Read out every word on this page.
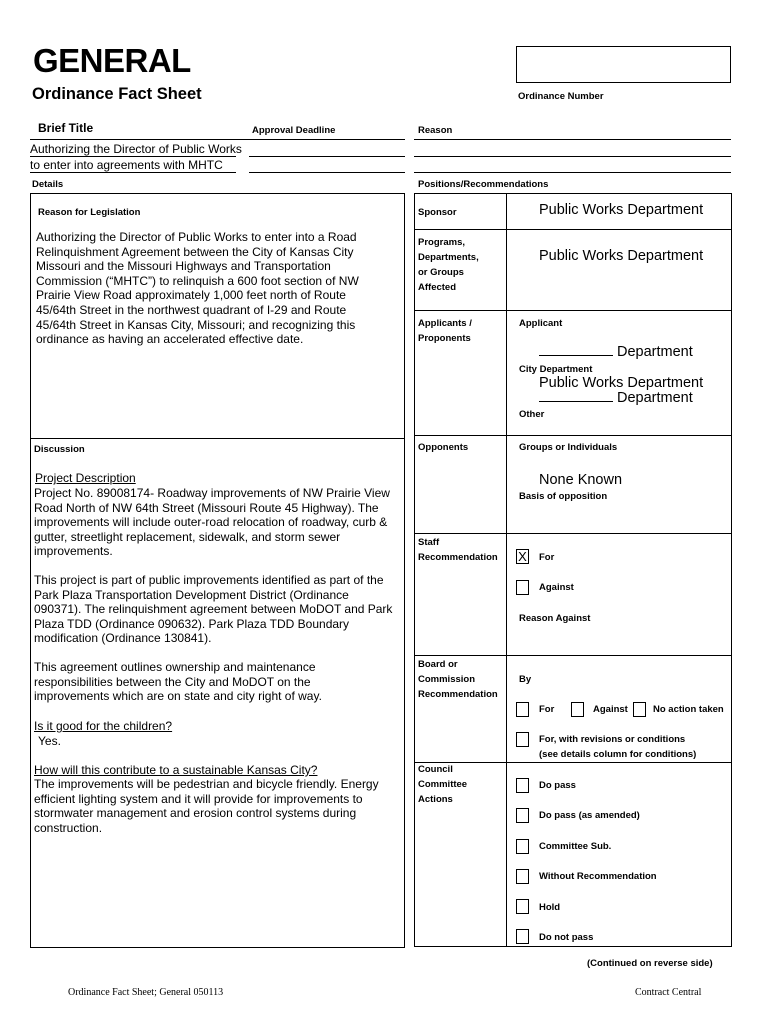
GENERAL
Ordinance Fact Sheet	Ordinance Number
Brief Title	Approval Deadline	Reason
Authorizing the Director of Public Works
to enter into agreements with MHTC
Details	Positions/Recommendations
Reason for Legislation
Authorizing the Director of Public Works to enter into a Road Relinquishment Agreement between the City of Kansas City Missouri and the Missouri Highways and Transportation Commission (“MHTC”) to relinquish a 600 foot section of NW Prairie View Road approximately 1,000 feet north of Route 45/64th Street in the northwest quadrant of I-29 and Route 45/64th Street in Kansas City, Missouri; and recognizing this ordinance as having an accelerated effective date.
Discussion
Project Description
Project No. 89008174- Roadway improvements of NW Prairie View Road North of NW 64th Street (Missouri Route 45 Highway). The improvements will include outer-road relocation of roadway, curb & gutter, streetlight replacement, sidewalk, and storm sewer improvements.
This project is part of public improvements identified as part of the Park Plaza Transportation Development District (Ordinance 090371). The relinquishment agreement between MoDOT and Park Plaza TDD (Ordinance 090632). Park Plaza TDD Boundary modification (Ordinance 130841).
This agreement outlines ownership and maintenance responsibilities between the City and MoDOT on the improvements which are on state and city right of way.
Is it good for the children?
Yes.
How will this contribute to a sustainable Kansas City?
The improvements will be pedestrian and bicycle friendly. Energy efficient lighting system and it will provide for improvements to stormwater management and erosion control systems during construction.
Sponsor	Public Works Department
Programs,
Departments,
or Groups
Affected
Public Works Department
Applicants /
Proponents
Applicant
Department
City Department
Public Works Department
Department
Other
Opponents	Groups or Individuals
None Known
Basis of opposition
Staff
Recommendation X For
Against
Reason Against
Board or
Commission
Recommendation
By
For	Against	No action taken
For, with revisions or conditions
(see details column for conditions)
Council
Committee
Actions
Do pass
Do pass (as amended)
Committee Sub.
Without Recommendation
Hold
Do not pass
(Continued on reverse side)
Ordinance Fact Sheet; General 050113	Contract Central
